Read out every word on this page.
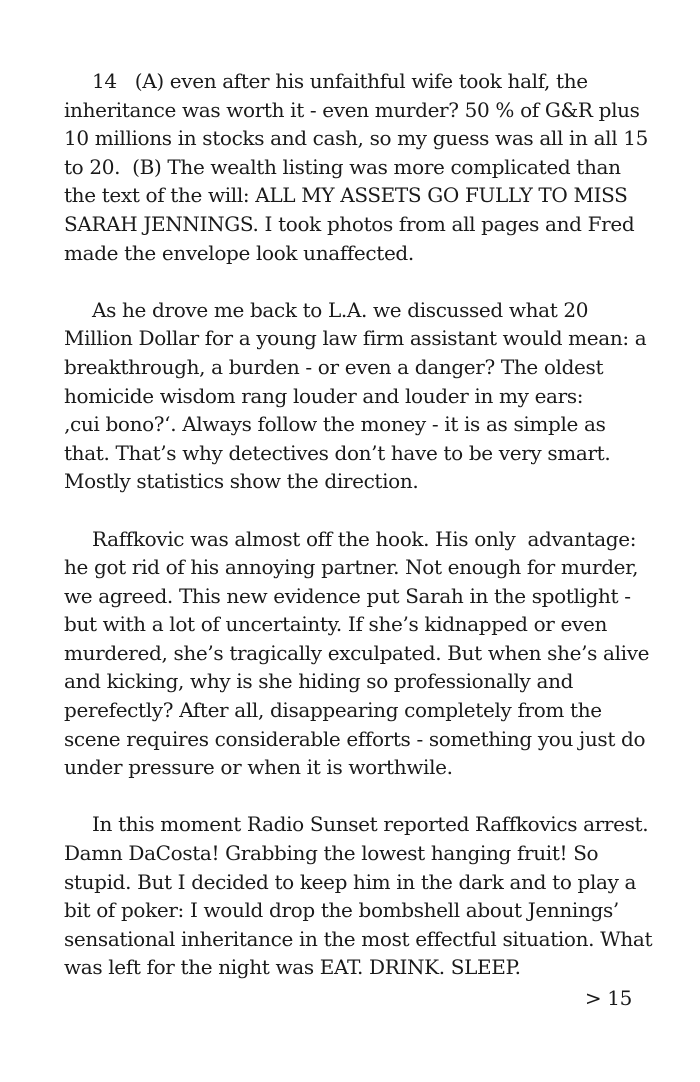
14   (A) even after his unfaithful wife took half, the
inheritance was worth it - even murder? 50 % of G&R plus
10 millions in stocks and cash, so my guess was all in all 15
to 20.  (B) The wealth listing was more complicated than
the text of the will: ALL MY ASSETS GO FULLY TO MISS
SARAH JENNINGS. I took photos from all pages and Fred
made the envelope look unaffected.
As he drove me back to L.A. we discussed what 20
Million Dollar for a young law firm assistant would mean: a
breakthrough, a burden - or even a danger? The oldest
homicide wisdom rang louder and louder in my ears:
‚cui bono?‘. Always follow the money - it is as simple as
that. That’s why detectives don’t have to be very smart.
Mostly statistics show the direction.
Raffkovic was almost off the hook. His only  advantage:
he got rid of his annoying partner. Not enough for murder,
we agreed. This new evidence put Sarah in the spotlight -
but with a lot of uncertainty. If she’s kidnapped or even
murdered, she’s tragically exculpated. But when she’s alive
and kicking, why is she hiding so professionally and
perefectly? After all, disappearing completely from the
scene requires considerable efforts - something you just do
under pressure or when it is worthwile.
In this moment Radio Sunset reported Raffkovics arrest.
Damn DaCosta! Grabbing the lowest hanging fruit! So
stupid. But I decided to keep him in the dark and to play a
bit of poker: I would drop the bombshell about Jennings’
sensational inheritance in the most effectful situation. What
was left for the night was EAT. DRINK. SLEEP.
> 15
